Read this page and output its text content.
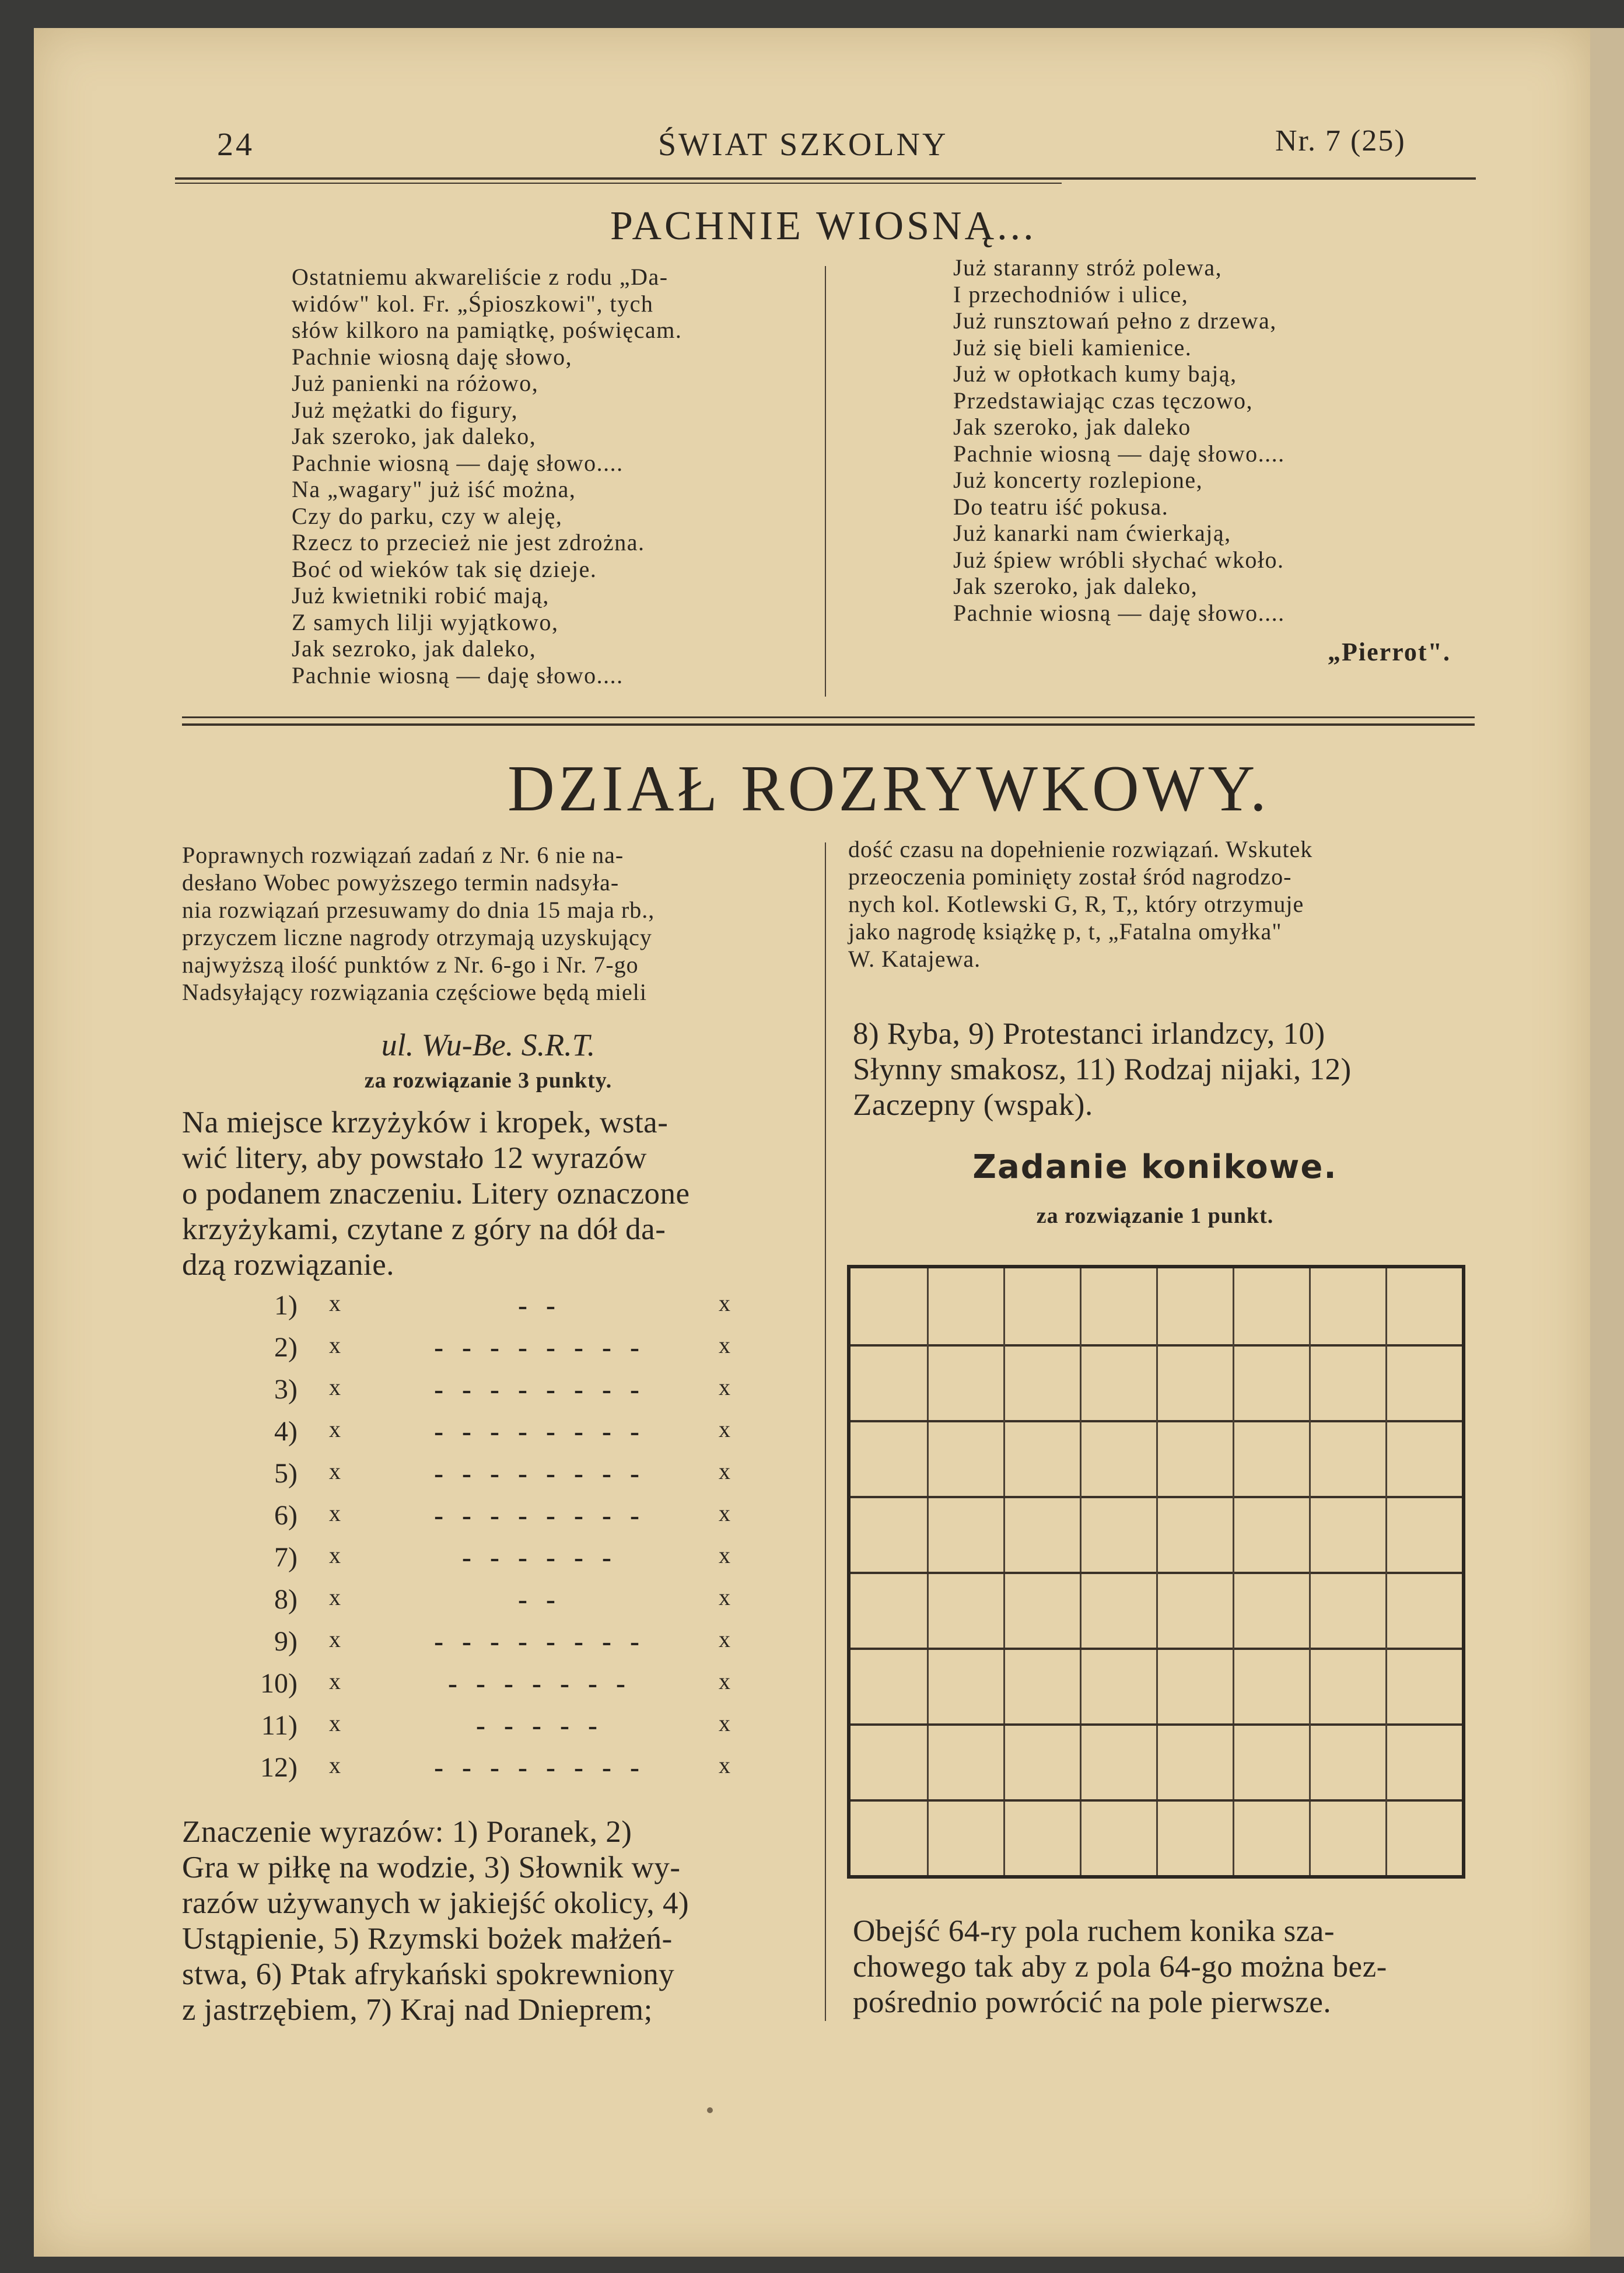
24	ŚWIAT SZKOLNY	Nr. 7 (25)
PACHNIE WIOSNĄ...
Ostatniemu akwareliście z rodu „Da-
widów" kol. Fr. „Śpioszkowi", tych
słów kilkoro na pamiątkę, poświęcam.
Pachnie wiosną daję słowo,
Już panienki na różowo,
Już mężatki do figury,
Jak szeroko, jak daleko,
Pachnie wiosną — daję słowo....
Na „wagary" już iść można,
Czy do parku, czy w aleję,
Rzecz to przecież nie jest zdrożna.
Boć od wieków tak się dzieje.
Już kwietniki robić mają,
Z samych lilji wyjątkowo,
Jak sezroko, jak daleko,
Pachnie wiosną — daję słowo....
Już staranny stróż polewa,
I przechodniów i ulice,
Już runsztowań pełno z drzewa,
Już się bieli kamienice.
Już w opłotkach kumy bają,
Przedstawiając czas tęczowo,
Jak szeroko, jak daleko
Pachnie wiosną — daję słowo....
Już koncerty rozlepione,
Do teatru iść pokusa.
Już kanarki nam ćwierkają,
Już śpiew wróbli słychać wkoło.
Jak szeroko, jak daleko,
Pachnie wiosną — daję słowo....
„Pierrot".
DZIAŁ ROZRYWKOWY.
Poprawnych rozwiązań zadań z Nr. 6 nie na-
desłano Wobec powyższego termin nadsyła-
nia rozwiązań przesuwamy do dnia 15 maja rb.,
przyczem liczne nagrody otrzymają uzyskujący
najwyższą ilość punktów z Nr. 6-go i Nr. 7-go
Nadsyłający rozwiązania częściowe będą mieli
dość czasu na dopełnienie rozwiązań. Wskutek
przeoczenia pominięty został śród nagrodzo-
nych kol. Kotlewski G, R, T,, który otrzymuje
jako nagrodę książkę p, t, „Fatalna omyłka"
W. Katajewa.
ul. Wu-Be. S.R.T.
za rozwiązanie 3 punkty.
Na miejsce krzyżyków i kropek, wsta-
wić litery, aby powstało 12 wyrazów
o podanem znaczeniu. Litery oznaczone
krzyżykami, czytane z góry na dół da-
dzą rozwiązanie.
1) x	- -	x
2) x	- - - - - - - -	x
3) x	- - - - - - - -	x
4) x	- - - - - - - -	x
5) x	- - - - - - - -	x
6) x	- - - - - - - -	x
7) x	- - - - - -	x
8) x	- -	x
9) x	- - - - - - - -	x
10) x	- - - - - - -	x
11) x	- - - - -	x
12) x	- - - - - - - -	x
Znaczenie wyrazów: 1) Poranek, 2)
Gra w piłkę na wodzie, 3) Słownik wy-
razów używanych w jakiejść okolicy, 4)
Ustąpienie, 5) Rzymski bożek małżeń-
stwa, 6) Ptak afrykański spokrewniony
z jastrzębiem, 7) Kraj nad Dnieprem;
8) Ryba, 9) Protestanci irlandzcy, 10)
Słynny smakosz, 11) Rodzaj nijaki, 12)
Zaczepny (wspak).
Zadanie konikowe.
za rozwiązanie 1 punkt.
Obejść 64-ry pola ruchem konika sza-
chowego tak aby z pola 64-go można bez-
pośrednio powrócić na pole pierwsze.
